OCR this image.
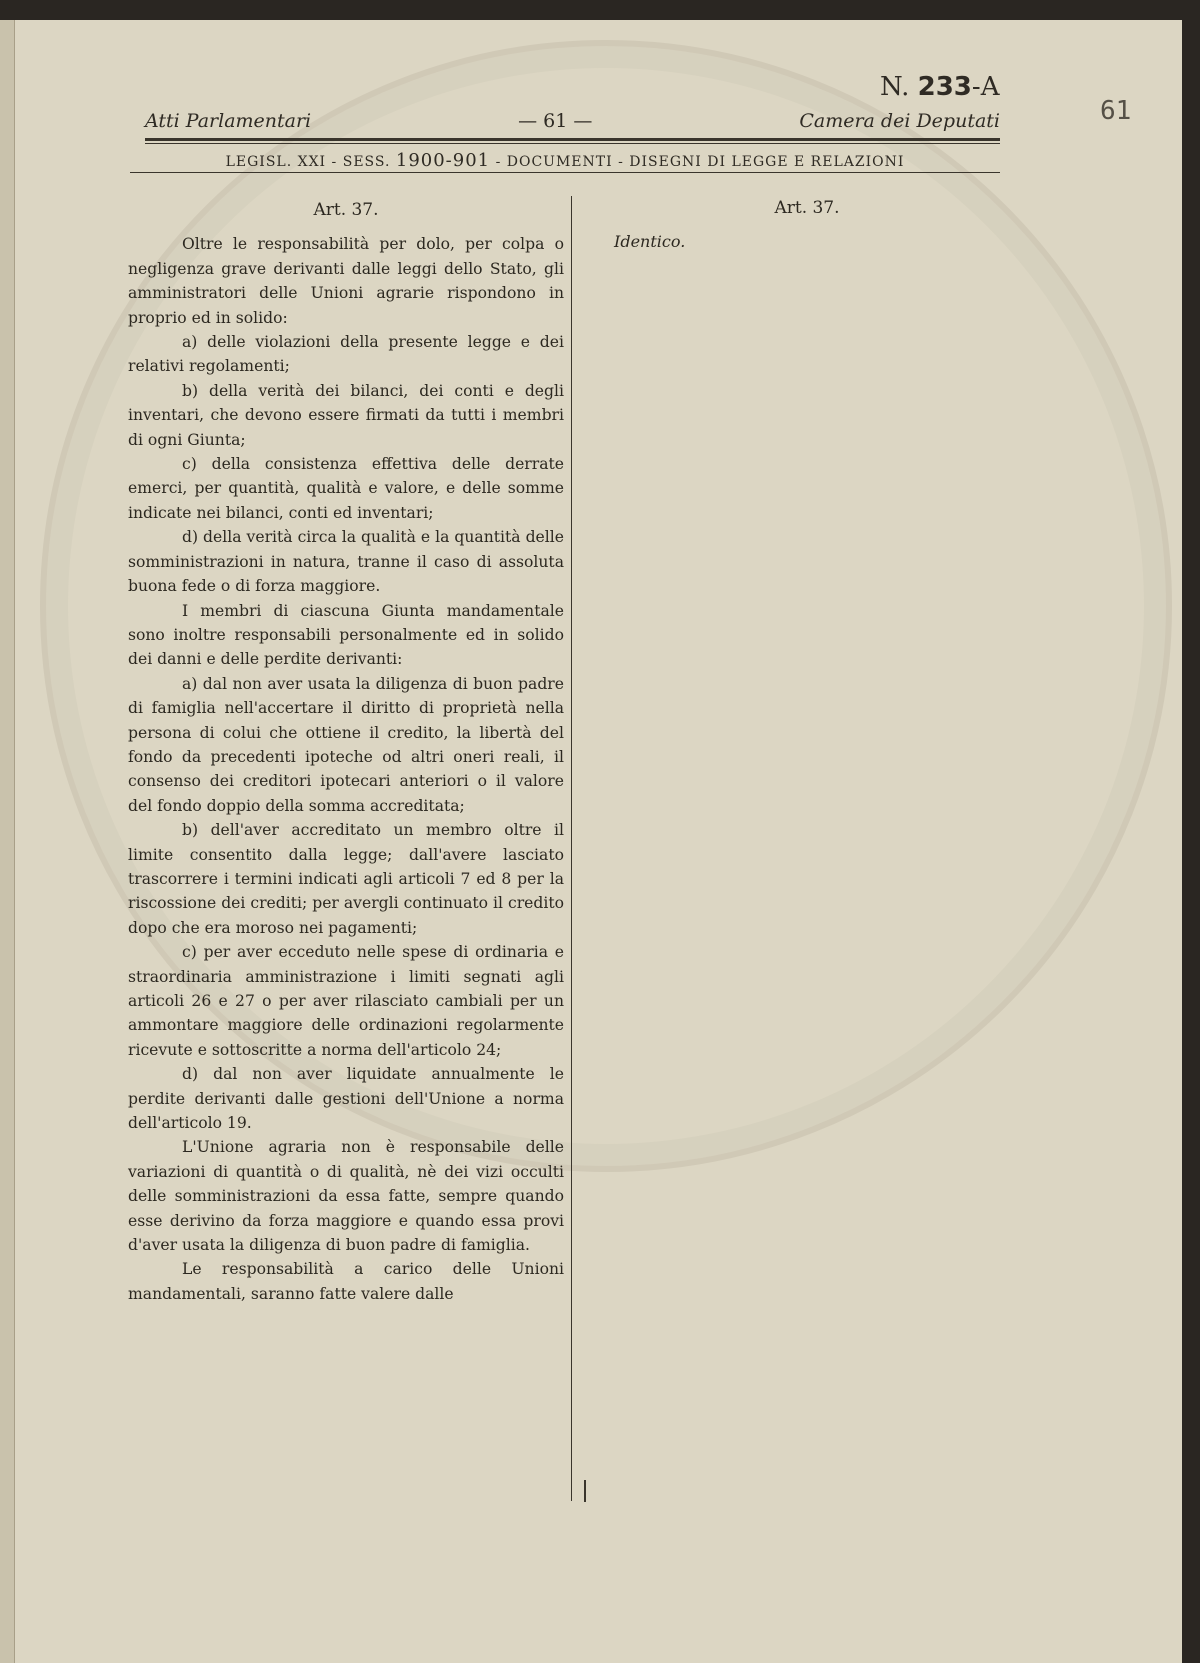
N. 233-A
61
Atti Parlamentari	— 61 —	Camera dei Deputati
LEGISL. XXI - SESS. 1900-901 - DOCUMENTI - DISEGNI DI LEGGE E RELAZIONI

Art. 37.

Oltre le responsabilità per dolo, per colpa o negligenza grave derivanti dalle leggi dello Stato, gli amministratori delle Unioni agrarie rispondono in proprio ed in solido:

a) delle violazioni della presente legge e dei relativi regolamenti;

b) della verità dei bilanci, dei conti e degli inventari, che devono essere firmati da tutti i membri di ogni Giunta;

c) della consistenza effettiva delle derrate emerci, per quantità, qualità e valore, e delle somme indicate nei bilanci, conti ed inventari;

d) della verità circa la qualità e la quantità delle somministrazioni in natura, tranne il caso di assoluta buona fede o di forza maggiore.

I membri di ciascuna Giunta mandamentale sono inoltre responsabili personalmente ed in solido dei danni e delle perdite derivanti:

a) dal non aver usata la diligenza di buon padre di famiglia nell'accertare il diritto di proprietà nella persona di colui che ottiene il credito, la libertà del fondo da precedenti ipoteche od altri oneri reali, il consenso dei creditori ipotecari anteriori o il valore del fondo doppio della somma accreditata;

b) dell'aver accreditato un membro oltre il limite consentito dalla legge; dall'avere lasciato trascorrere i termini indicati agli articoli 7 ed 8 per la riscossione dei crediti; per avergli continuato il credito dopo che era moroso nei pagamenti;

c) per aver ecceduto nelle spese di ordinaria e straordinaria amministrazione i limiti segnati agli articoli 26 e 27 o per aver rilasciato cambiali per un ammontare maggiore delle ordinazioni regolarmente ricevute e sottoscritte a norma dell'articolo 24;

d) dal non aver liquidate annualmente le perdite derivanti dalle gestioni dell'Unione a norma dell'articolo 19.

L'Unione agraria non è responsabile delle variazioni di quantità o di qualità, nè dei vizi occulti delle somministrazioni da essa fatte, sempre quando esse derivino da forza maggiore e quando essa provi d'aver usata la diligenza di buon padre di famiglia.

Le responsabilità a carico delle Unioni mandamentali, saranno fatte valere dalle

Art. 37.
Identico.
